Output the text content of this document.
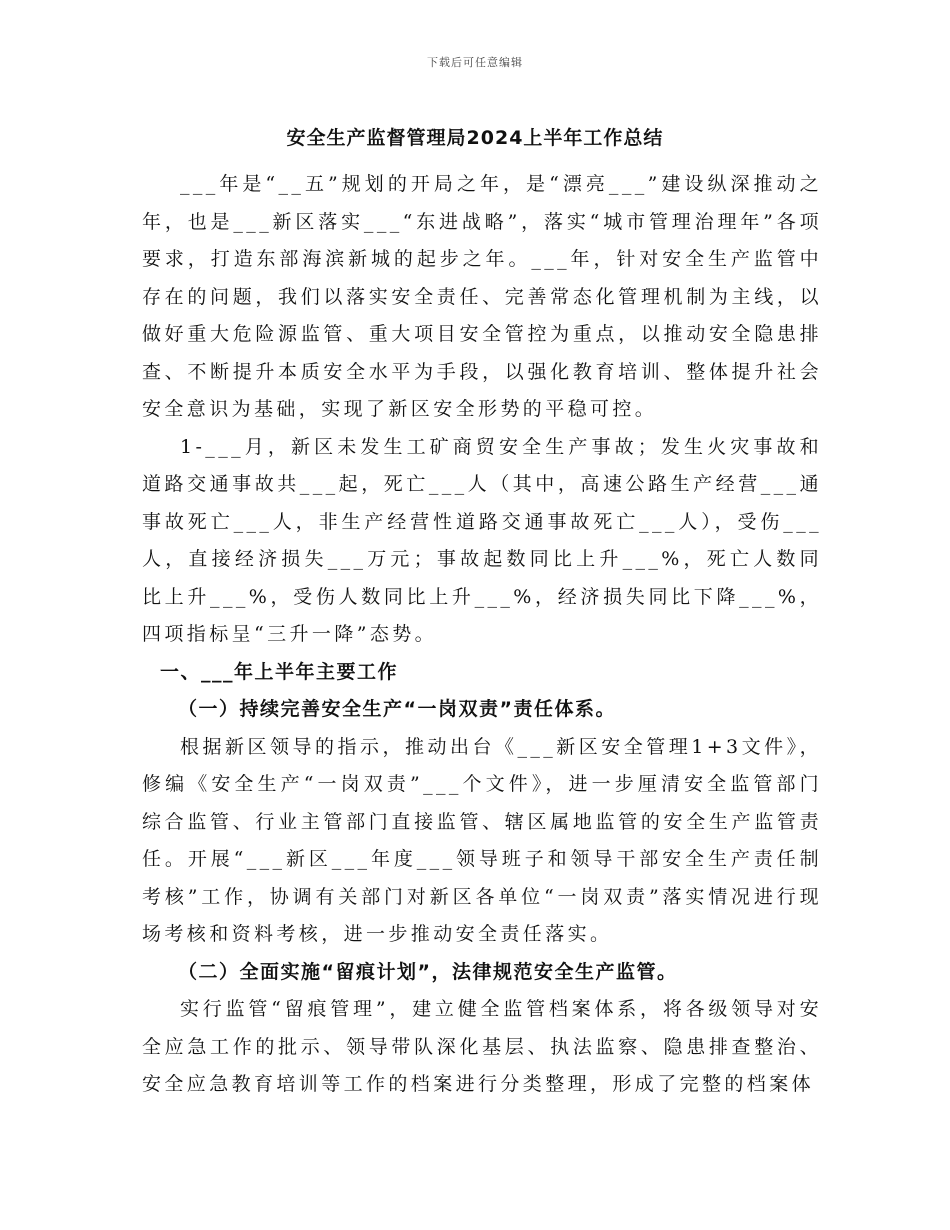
下载后可任意编辑
安全生产监督管理局2024上半年工作总结

___年是“__五”规划的开局之年，是“漂亮___”建设纵深推动之年，也是___新区落实___“东进战略”，落实“城市管理治理年”各项要求，打造东部海滨新城的起步之年。___年，针对安全生产监管中存在的问题，我们以落实安全责任、完善常态化管理机制为主线，以做好重大危险源监管、重大项目安全管控为重点，以推动安全隐患排查、不断提升本质安全水平为手段，以强化教育培训、整体提升社会安全意识为基础，实现了新区安全形势的平稳可控。

1-___月，新区未发生工矿商贸安全生产事故；发生火灾事故和道路交通事故共___起，死亡___人（其中，高速公路生产经营___通事故死亡___人，非生产经营性道路交通事故死亡___人），受伤___人，直接经济损失___万元；事故起数同比上升___%，死亡人数同比上升___%，受伤人数同比上升___%，经济损失同比下降___%，四项指标呈“三升一降”态势。

一、___年上半年主要工作

（一）持续完善安全生产“一岗双责”责任体系。

根据新区领导的指示，推动出台《___新区安全管理1+3文件》，修编《安全生产“一岗双责”___个文件》，进一步厘清安全监管部门综合监管、行业主管部门直接监管、辖区属地监管的安全生产监管责任。开展“___新区___年度___领导班子和领导干部安全生产责任制考核”工作，协调有关部门对新区各单位“一岗双责”落实情况进行现场考核和资料考核，进一步推动安全责任落实。

（二）全面实施“留痕计划”，法律规范安全生产监管。

实行监管“留痕管理”，建立健全监管档案体系，将各级领导对安全应急工作的批示、领导带队深化基层、执法监察、隐患排查整治、安全应急教育培训等工作的档案进行分类整理，形成了完整的档案体
